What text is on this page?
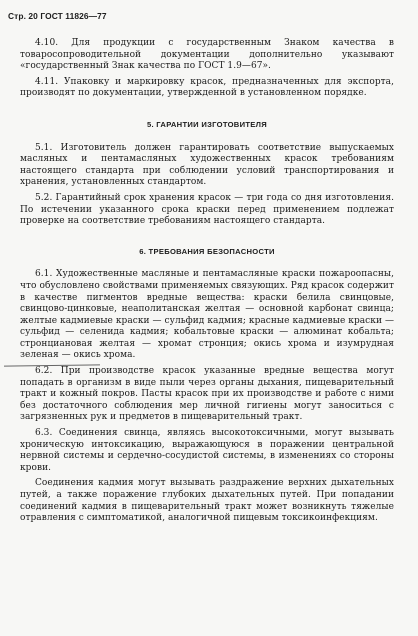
Стр. 20 ГОСТ 11826—77

4.10. Для продукции с государственным Знаком качества в товаросопроводительной документации дополнительно указывают «государственный Знак качества по ГОСТ 1.9—67».

4.11. Упаковку и маркировку красок, предназначенных для экспорта, производят по документации, утвержденной в установленном порядке.

5. ГАРАНТИИ ИЗГОТОВИТЕЛЯ

5.1. Изготовитель должен гарантировать соответствие выпускаемых масляных и пентамасляных художественных красок требованиям настоящего стандарта при соблюдении условий транспортирования и хранения, установленных стандартом.

5.2. Гарантийный срок хранения красок — три года со дня изготовления. По истечении указанного срока краски перед применением подлежат проверке на соответствие требованиям настоящего стандарта.

6. ТРЕБОВАНИЯ БЕЗОПАСНОСТИ

6.1. Художественные масляные и пентамасляные краски пожароопасны, что обусловлено свойствами применяемых связующих. Ряд красок содержит в качестве пигментов вредные вещества: краски белила свинцовые, свинцово-цинковые, неаполитанская желтая — основной карбонат свинца; желтые кадмиевые краски — сульфид кадмия; красные кадмиевые краски — сульфид — селенида кадмия; кобальтовые краски — алюминат кобальта; стронциановая желтая — хромат стронция; окись хрома и изумрудная зеленая — окись хрома.

6.2. При производстве красок указанные вредные вещества могут попадать в организм в виде пыли через органы дыхания, пищеварительный тракт и кожный покров. Пасты красок при их производстве и работе с ними без достаточного соблюдения мер личной гигиены могут заноситься с загрязненных рук и предметов в пищеварительный тракт.

6.3. Соединения свинца, являясь высокотоксичными, могут вызывать хроническую интоксикацию, выражающуюся в поражении центральной нервной системы и сердечно-сосудистой системы, в изменениях со стороны крови.

Соединения кадмия могут вызывать раздражение верхних дыхательных путей, а также поражение глубоких дыхательных путей. При попадании соединений кадмия в пищеварительный тракт может возникнуть тяжелые отравления с симптоматикой, аналогичной пищевым токсикоинфекциям.
